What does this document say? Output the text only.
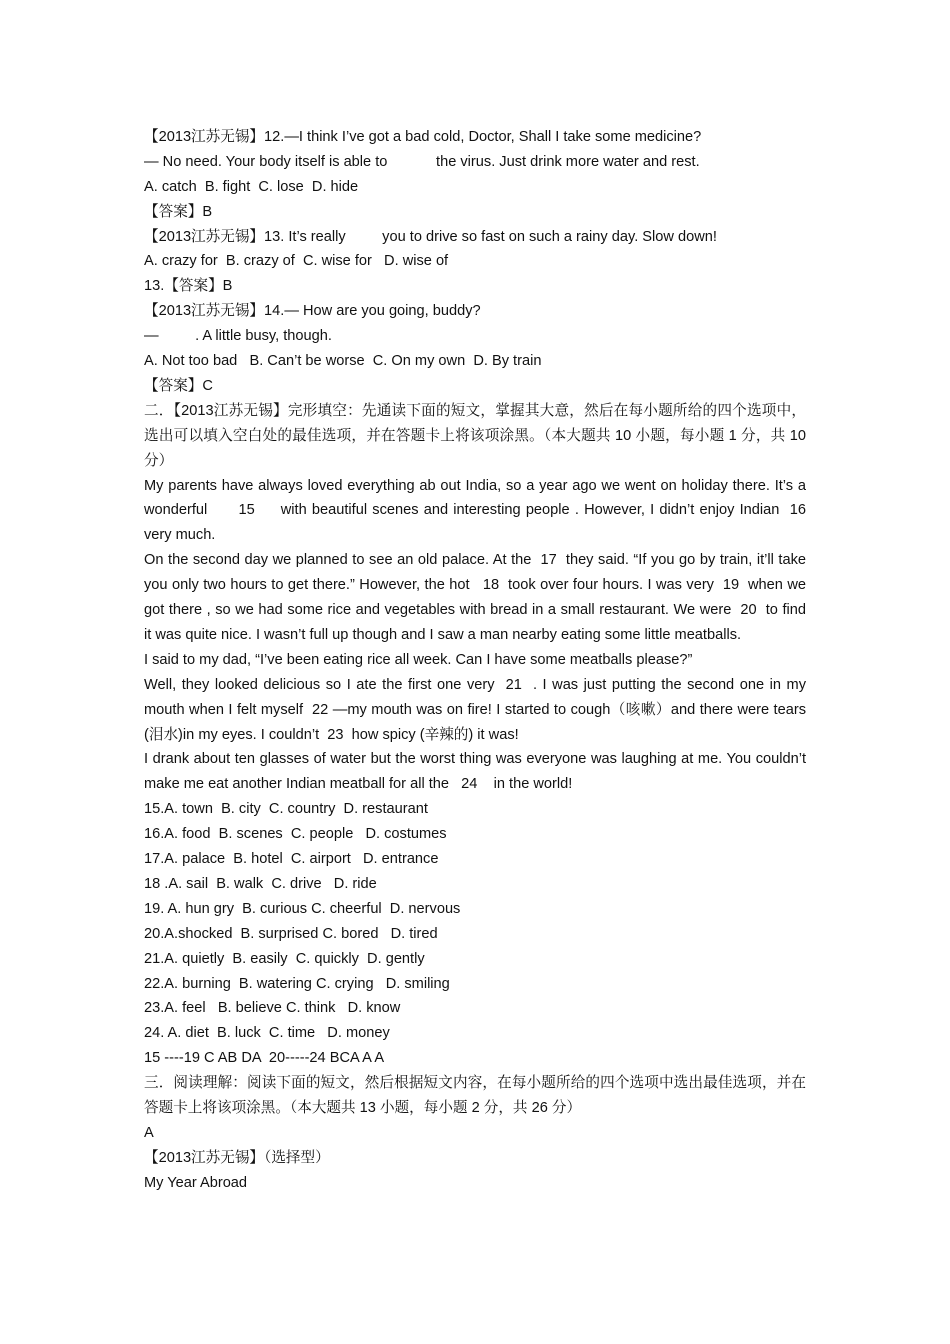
【2013江苏无锡】12.—I think I’ve got a bad cold, Doctor, Shall I take some medicine?
— No need. Your body itself is able to            the virus. Just drink more water and rest.
A. catch  B. fight  C. lose  D. hide
【答案】B
【2013江苏无锡】13. It’s really         you to drive so fast on such a rainy day. Slow down!
A. crazy for  B. crazy of  C. wise for   D. wise of
13.【答案】B
【2013江苏无锡】14.— How are you going, buddy?
—         . A little busy, though.
A. Not too bad   B. Can’t be worse  C. On my own  D. By train
【答案】C
二．【2013江苏无锡】完形填空：先通读下面的短文，掌握其大意，然后在每小题所给的四个选项中，选出可以填入空白处的最佳选项，并在答题卡上将该项涂黑。（本大题共 10 小题，每小题 1 分，共 10 分）
My parents have always loved everything ab out India, so a year ago we went on holiday there. It’s a wonderful      15     with beautiful scenes and interesting people . However, I didn’t enjoy Indian  16  very much.
On the second day we planned to see an old palace. At the  17  they said. “If you go by train, it’ll take you only two hours to get there.” However, the hot   18  took over four hours. I was very  19  when we got there , so we had some rice and vegetables with bread in a small restaurant. We were  20  to find it was quite nice. I wasn’t full up though and I saw a man nearby eating some little meatballs.
I said to my dad, “I’ve been eating rice all week. Can I have some meatballs please?”
Well, they looked delicious so I ate the first one very  21  . I was just putting the second one in my mouth when I felt myself  22 —my mouth was on fire! I started to cough（咳嗽）and there were tears (泪水)in my eyes. I couldn’t  23  how spicy (辛辣的) it was!
I drank about ten glasses of water but the worst thing was everyone was laughing at me. You couldn’t make me eat another Indian meatball for all the   24    in the world!
15.A. town  B. city  C. country  D. restaurant
16.A. food  B. scenes  C. people   D. costumes
17.A. palace  B. hotel  C. airport   D. entrance
18 .A. sail  B. walk  C. drive   D. ride
19. A. hun gry  B. curious C. cheerful  D. nervous
20.A.shocked  B. surprised C. bored   D. tired
21.A. quietly  B. easily  C. quickly  D. gently
22.A. burning  B. watering C. crying   D. smiling
23.A. feel   B. believe C. think   D. know
24. A. diet  B. luck  C. time   D. money
15 ----19 C AB DA  20-----24 BCA A A
三．阅读理解：阅读下面的短文，然后根据短文内容，在每小题所给的四个选项中选出最佳选项，并在答题卡上将该项涂黑。（本大题共 13 小题，每小题 2 分，共 26 分）
A
【2013江苏无锡】（选择型）
My Year Abroad
